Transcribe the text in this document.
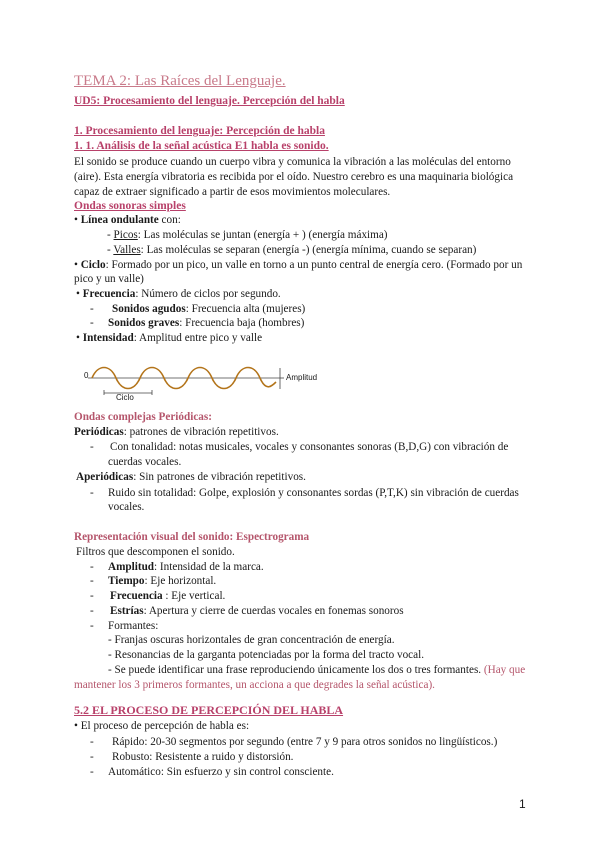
TEMA 2: Las Raíces del Lenguaje.
UD5: Procesamiento del lenguaje. Percepción del habla
1. Procesamiento del lenguaje: Percepción de habla
1. 1. Análisis de la señal acústica E1 habla es sonido.
El sonido se produce cuando un cuerpo vibra y comunica la vibración a las moléculas del entorno
(aire). Esta energía vibratoria es recibida por el oído. Nuestro cerebro es una maquinaria biológica
capaz de extraer significado a partir de esos movimientos moleculares.
Ondas sonoras simples
• Línea ondulante con:
- Picos: Las moléculas se juntan (energía + ) (energía máxima)
- Valles: Las moléculas se separan (energía -) (energía mínima, cuando se separan)
• Ciclo: Formado por un pico, un valle en torno a un punto central de energía cero. (Formado por un
pico y un valle)
• Frecuencia: Número de ciclos por segundo.
- Sonidos agudos: Frecuencia alta (mujeres)
- Sonidos graves: Frecuencia baja (hombres)
• Intensidad: Amplitud entre pico y valle
0	Amplitud
Ciclo
Ondas complejas Periódicas:
Periódicas: patrones de vibración repetitivos.
- Con tonalidad: notas musicales, vocales y consonantes sonoras (B,D,G) con vibración de
cuerdas vocales.
Aperiódicas: Sin patrones de vibración repetitivos.
- Ruido sin totalidad: Golpe, explosión y consonantes sordas (P,T,K) sin vibración de cuerdas
vocales.
Representación visual del sonido: Espectrograma
Filtros que descomponen el sonido.
- Amplitud: Intensidad de la marca.
- Tiempo: Eje horizontal.
- Frecuencia : Eje vertical.
- Estrías: Apertura y cierre de cuerdas vocales en fonemas sonoros
- Formantes:
- Franjas oscuras horizontales de gran concentración de energía.
- Resonancias de la garganta potenciadas por la forma del tracto vocal.
- Se puede identificar una frase reproduciendo únicamente los dos o tres formantes. (Hay que
mantener los 3 primeros formantes, un acciona a que degrades la señal acústica).
5.2 EL PROCESO DE PERCEPCIÓN DEL HABLA
• El proceso de percepción de habla es:
- Rápido: 20-30 segmentos por segundo (entre 7 y 9 para otros sonidos no lingüísticos.)
- Robusto: Resistente a ruido y distorsión.
- Automático: Sin esfuerzo y sin control consciente.
1
